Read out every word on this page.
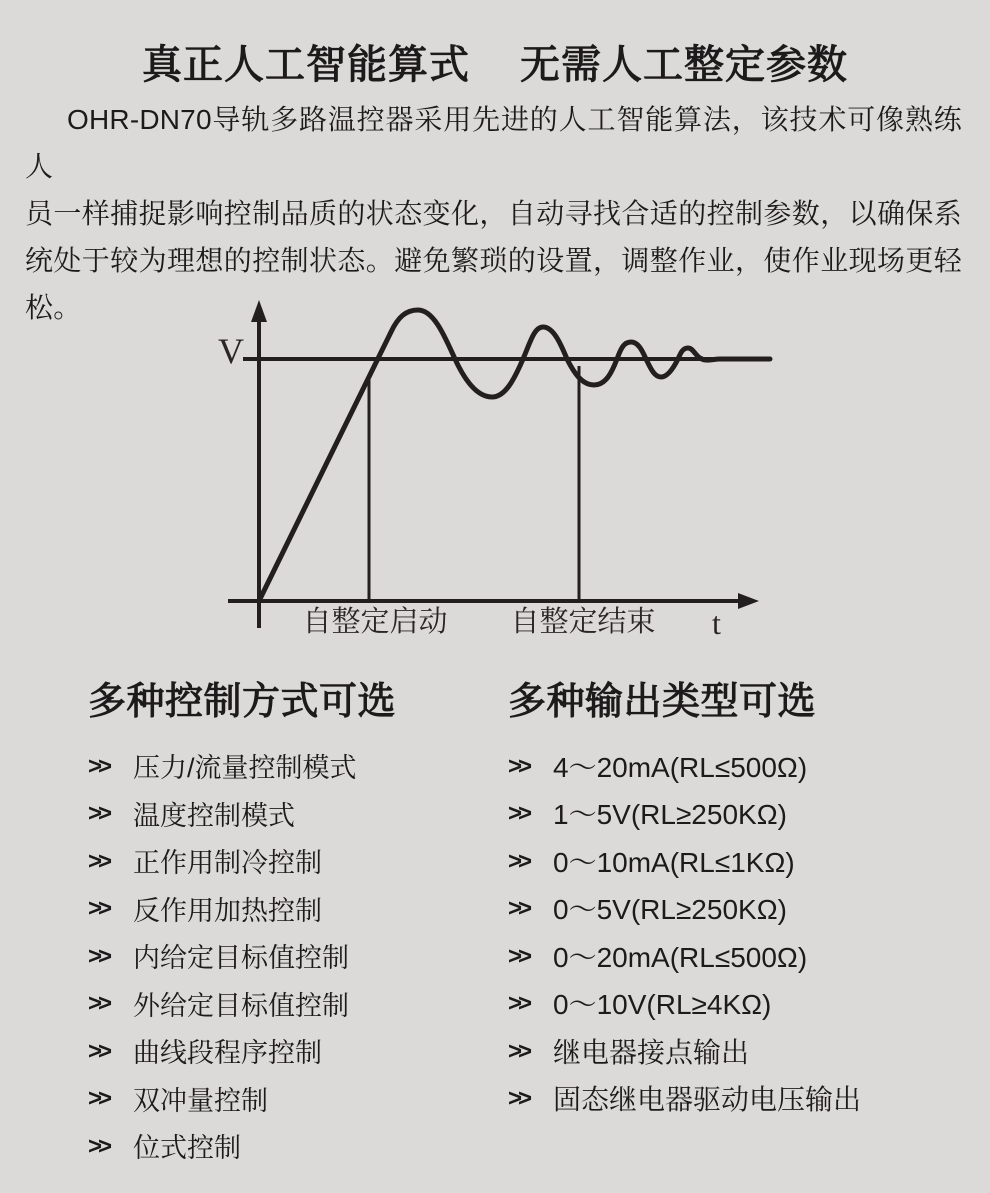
真正人工智能算式 无需人工整定参数
OHR-DN70导轨多路温控器采用先进的人工智能算法，该技术可像熟练人
员一样捕捉影响控制品质的状态变化，自动寻找合适的控制参数，以确保系
统处于较为理想的控制状态。避免繁琐的设置，调整作业，使作业现场更轻
松。
V
t
自整定启动 自整定结束
多种控制方式可选
>> 压力/流量控制模式
>> 温度控制模式
>> 正作用制冷控制
>> 反作用加热控制
>> 内给定目标值控制
>> 外给定目标值控制
>> 曲线段程序控制
>> 双冲量控制
>> 位式控制
多种输出类型可选
>> 4～20mA(RL≤500Ω)
>> 1～5V(RL≥250KΩ)
>> 0～10mA(RL≤1KΩ)
>> 0～5V(RL≥250KΩ)
>> 0～20mA(RL≤500Ω)
>> 0～10V(RL≥4KΩ)
>> 继电器接点输出
>> 固态继电器驱动电压输出
